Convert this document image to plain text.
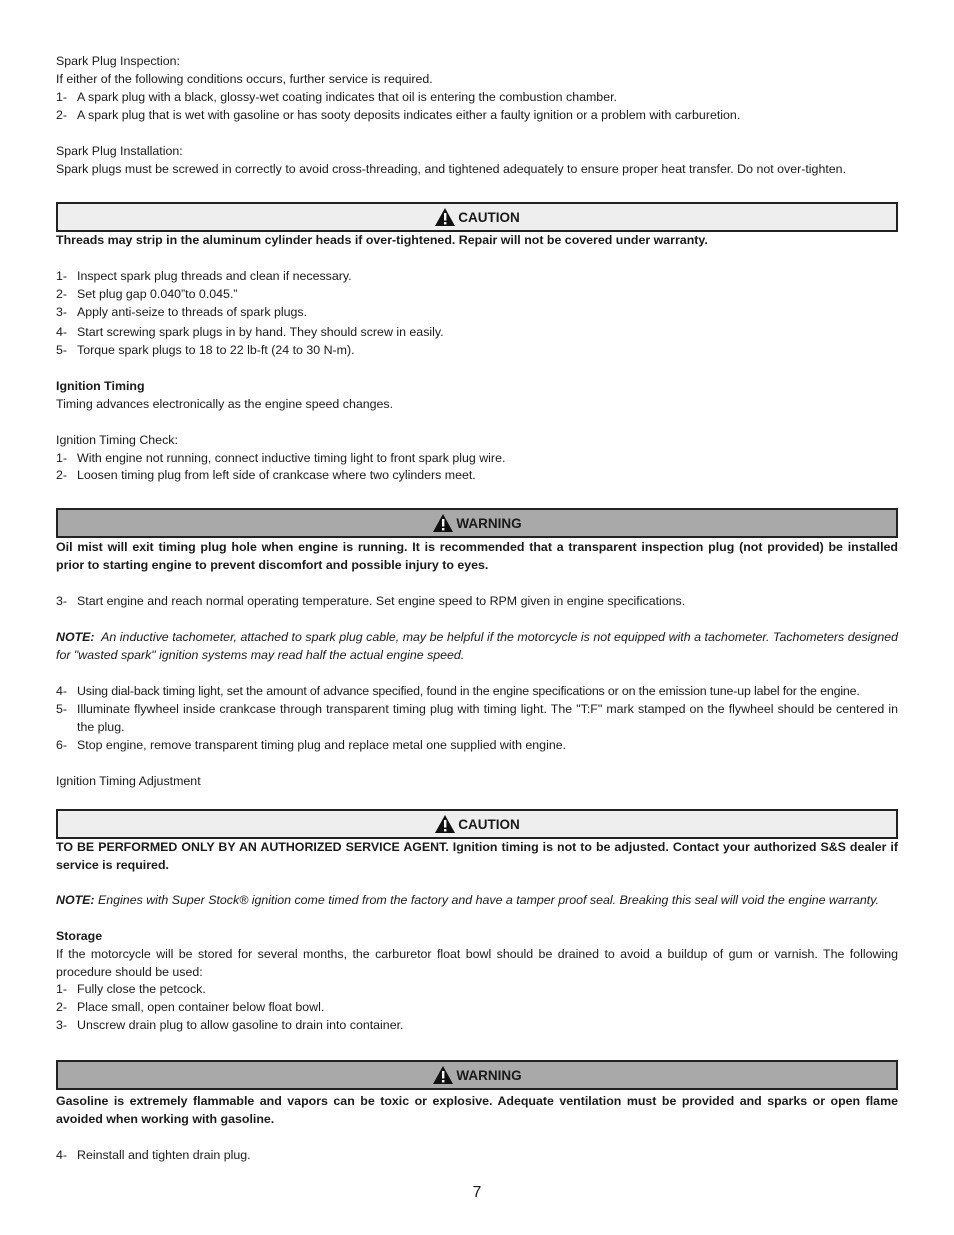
Spark Plug Inspection:
If either of the following conditions occurs, further service is required.
1- A spark plug with a black, glossy-wet coating indicates that oil is entering the combustion chamber.
2- A spark plug that is wet with gasoline or has sooty deposits indicates either a faulty ignition or a problem with carburetion.
Spark Plug Installation:
Spark plugs must be screwed in correctly to avoid cross-threading, and tightened adequately to ensure proper heat transfer. Do not over-tighten.
CAUTION
Threads may strip in the aluminum cylinder heads if over-tightened. Repair will not be covered under warranty.
1- Inspect spark plug threads and clean if necessary.
2- Set plug gap 0.040”to 0.045.”
3- Apply anti-seize to threads of spark plugs.
4- Start screwing spark plugs in by hand. They should screw in easily.
5- Torque spark plugs to 18 to 22 lb-ft (24 to 30 N-m).
Ignition Timing
Timing advances electronically as the engine speed changes.
Ignition Timing Check:
1- With engine not running, connect inductive timing light to front spark plug wire.
2- Loosen timing plug from left side of crankcase where two cylinders meet.
WARNING
Oil mist will exit timing plug hole when engine is running. It is recommended that a transparent inspection plug (not provided) be installed prior to starting engine to prevent discomfort and possible injury to eyes.
3- Start engine and reach normal operating temperature. Set engine speed to RPM given in engine specifications.
NOTE: An inductive tachometer, attached to spark plug cable, may be helpful if the motorcycle is not equipped with a tachometer. Tachometers designed for "wasted spark" ignition systems may read half the actual engine speed.
4- Using dial-back timing light, set the amount of advance specified, found in the engine specifications or on the emission tune-up label for the engine.
5- Illuminate flywheel inside crankcase through transparent timing plug with timing light. The "T:F" mark stamped on the flywheel should be centered in the plug.
6- Stop engine, remove transparent timing plug and replace metal one supplied with engine.
Ignition Timing Adjustment
CAUTION
TO BE PERFORMED ONLY BY AN AUTHORIZED SERVICE AGENT. Ignition timing is not to be adjusted. Contact your authorized S&S dealer if service is required.
NOTE: Engines with Super Stock® ignition come timed from the factory and have a tamper proof seal. Breaking this seal will void the engine warranty.
Storage
If the motorcycle will be stored for several months, the carburetor float bowl should be drained to avoid a buildup of gum or varnish. The following procedure should be used:
1- Fully close the petcock.
2- Place small, open container below float bowl.
3- Unscrew drain plug to allow gasoline to drain into container.
WARNING
Gasoline is extremely flammable and vapors can be toxic or explosive. Adequate ventilation must be provided and sparks or open flame avoided when working with gasoline.
4- Reinstall and tighten drain plug.
7
